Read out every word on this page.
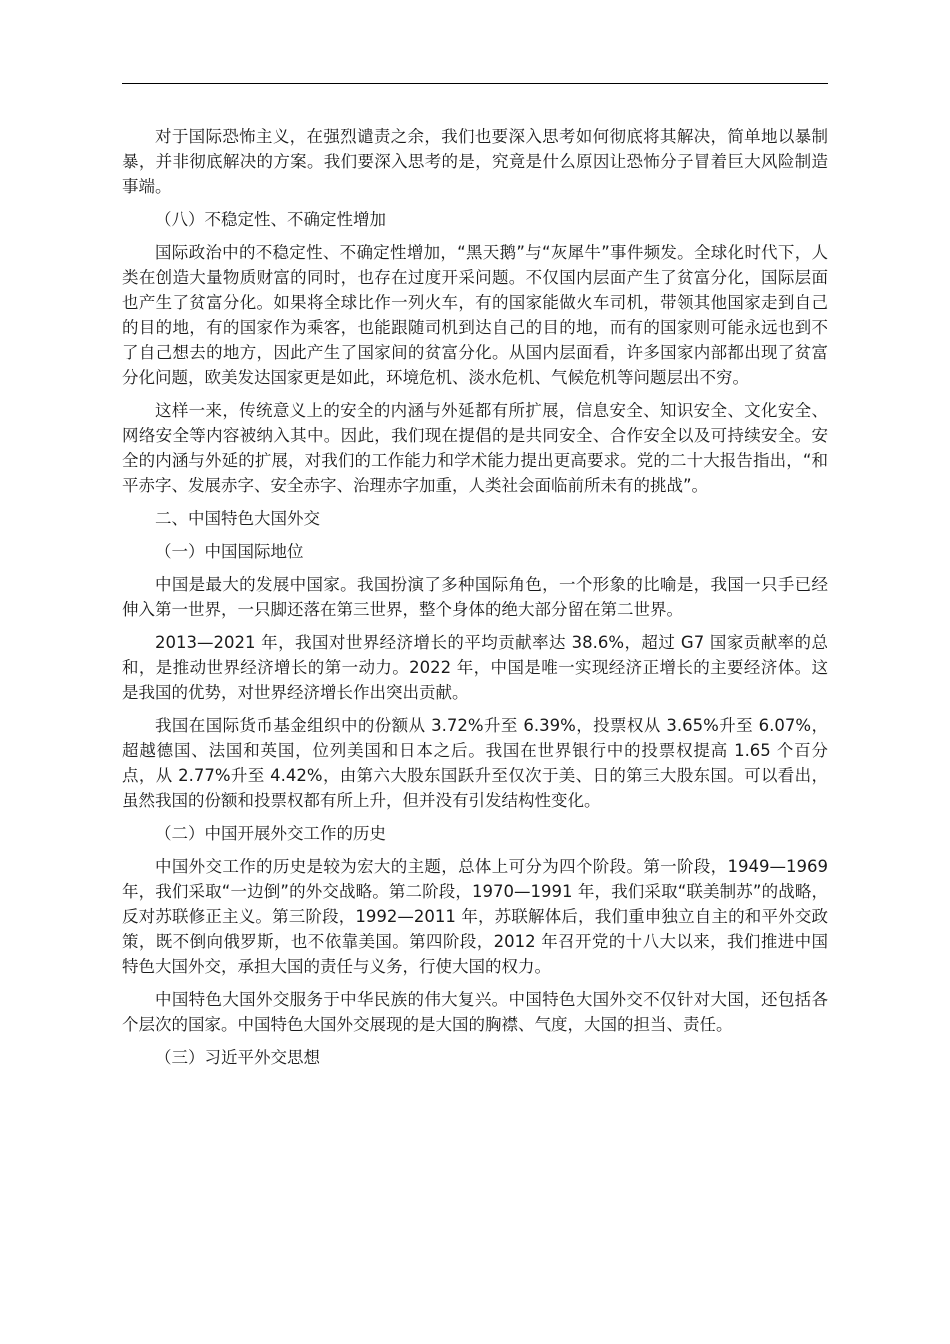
对于国际恐怖主义，在强烈谴责之余，我们也要深入思考如何彻底将其解决，简单地以暴制暴，并非彻底解决的方案。我们要深入思考的是，究竟是什么原因让恐怖分子冒着巨大风险制造事端。

（八）不稳定性、不确定性增加

国际政治中的不稳定性、不确定性增加，“黑天鹅”与“灰犀牛”事件频发。全球化时代下，人类在创造大量物质财富的同时，也存在过度开采问题。不仅国内层面产生了贫富分化，国际层面也产生了贫富分化。如果将全球比作一列火车，有的国家能做火车司机，带领其他国家走到自己的目的地，有的国家作为乘客，也能跟随司机到达自己的目的地，而有的国家则可能永远也到不了自己想去的地方，因此产生了国家间的贫富分化。从国内层面看，许多国家内部都出现了贫富分化问题，欧美发达国家更是如此，环境危机、淡水危机、气候危机等问题层出不穷。

这样一来，传统意义上的安全的内涵与外延都有所扩展，信息安全、知识安全、文化安全、网络安全等内容被纳入其中。因此，我们现在提倡的是共同安全、合作安全以及可持续安全。安全的内涵与外延的扩展，对我们的工作能力和学术能力提出更高要求。党的二十大报告指出，“和平赤字、发展赤字、安全赤字、治理赤字加重，人类社会面临前所未有的挑战”。

二、中国特色大国外交

（一）中国国际地位

中国是最大的发展中国家。我国扮演了多种国际角色，一个形象的比喻是，我国一只手已经伸入第一世界，一只脚还落在第三世界，整个身体的绝大部分留在第二世界。

2013—2021 年，我国对世界经济增长的平均贡献率达 38.6%，超过 G7 国家贡献率的总和，是推动世界经济增长的第一动力。2022 年，中国是唯一实现经济正增长的主要经济体。这是我国的优势，对世界经济增长作出突出贡献。

我国在国际货币基金组织中的份额从 3.72%升至 6.39%，投票权从 3.65%升至 6.07%，超越德国、法国和英国，位列美国和日本之后。我国在世界银行中的投票权提高 1.65 个百分点，从 2.77%升至 4.42%，由第六大股东国跃升至仅次于美、日的第三大股东国。可以看出，虽然我国的份额和投票权都有所上升，但并没有引发结构性变化。

（二）中国开展外交工作的历史

中国外交工作的历史是较为宏大的主题，总体上可分为四个阶段。第一阶段，1949—1969 年，我们采取“一边倒”的外交战略。第二阶段，1970—1991 年，我们采取“联美制苏”的战略，反对苏联修正主义。第三阶段，1992—2011 年，苏联解体后，我们重申独立自主的和平外交政策，既不倒向俄罗斯，也不依靠美国。第四阶段，2012 年召开党的十八大以来，我们推进中国特色大国外交，承担大国的责任与义务，行使大国的权力。

中国特色大国外交服务于中华民族的伟大复兴。中国特色大国外交不仅针对大国，还包括各个层次的国家。中国特色大国外交展现的是大国的胸襟、气度，大国的担当、责任。

（三）习近平外交思想
